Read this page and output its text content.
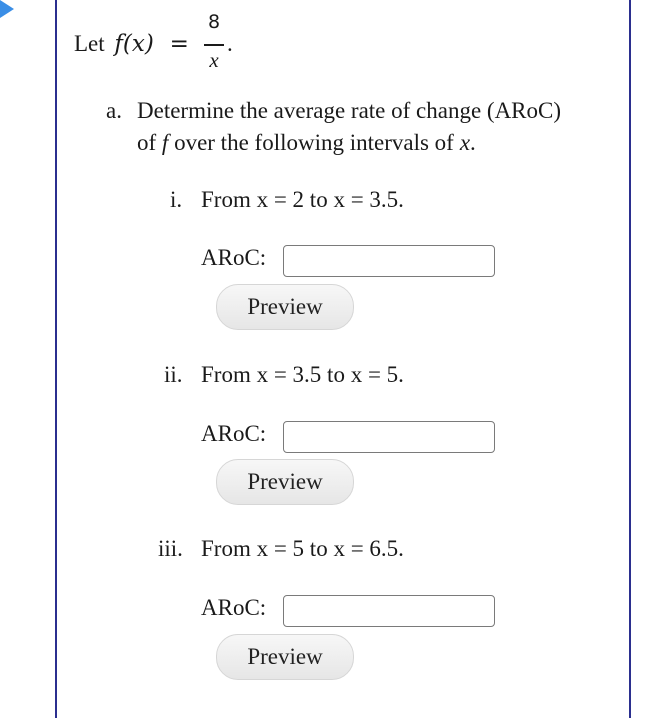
Let f(x) =
8
x
.
a. Determine the average rate of change (ARoC)
of f over the following intervals of x.
i. From x = 2 to x = 3.5.
ARoC:
Preview
ii. From x = 3.5 to x = 5.
ARoC:
Preview
iii. From x = 5 to x = 6.5.
ARoC:
Preview
